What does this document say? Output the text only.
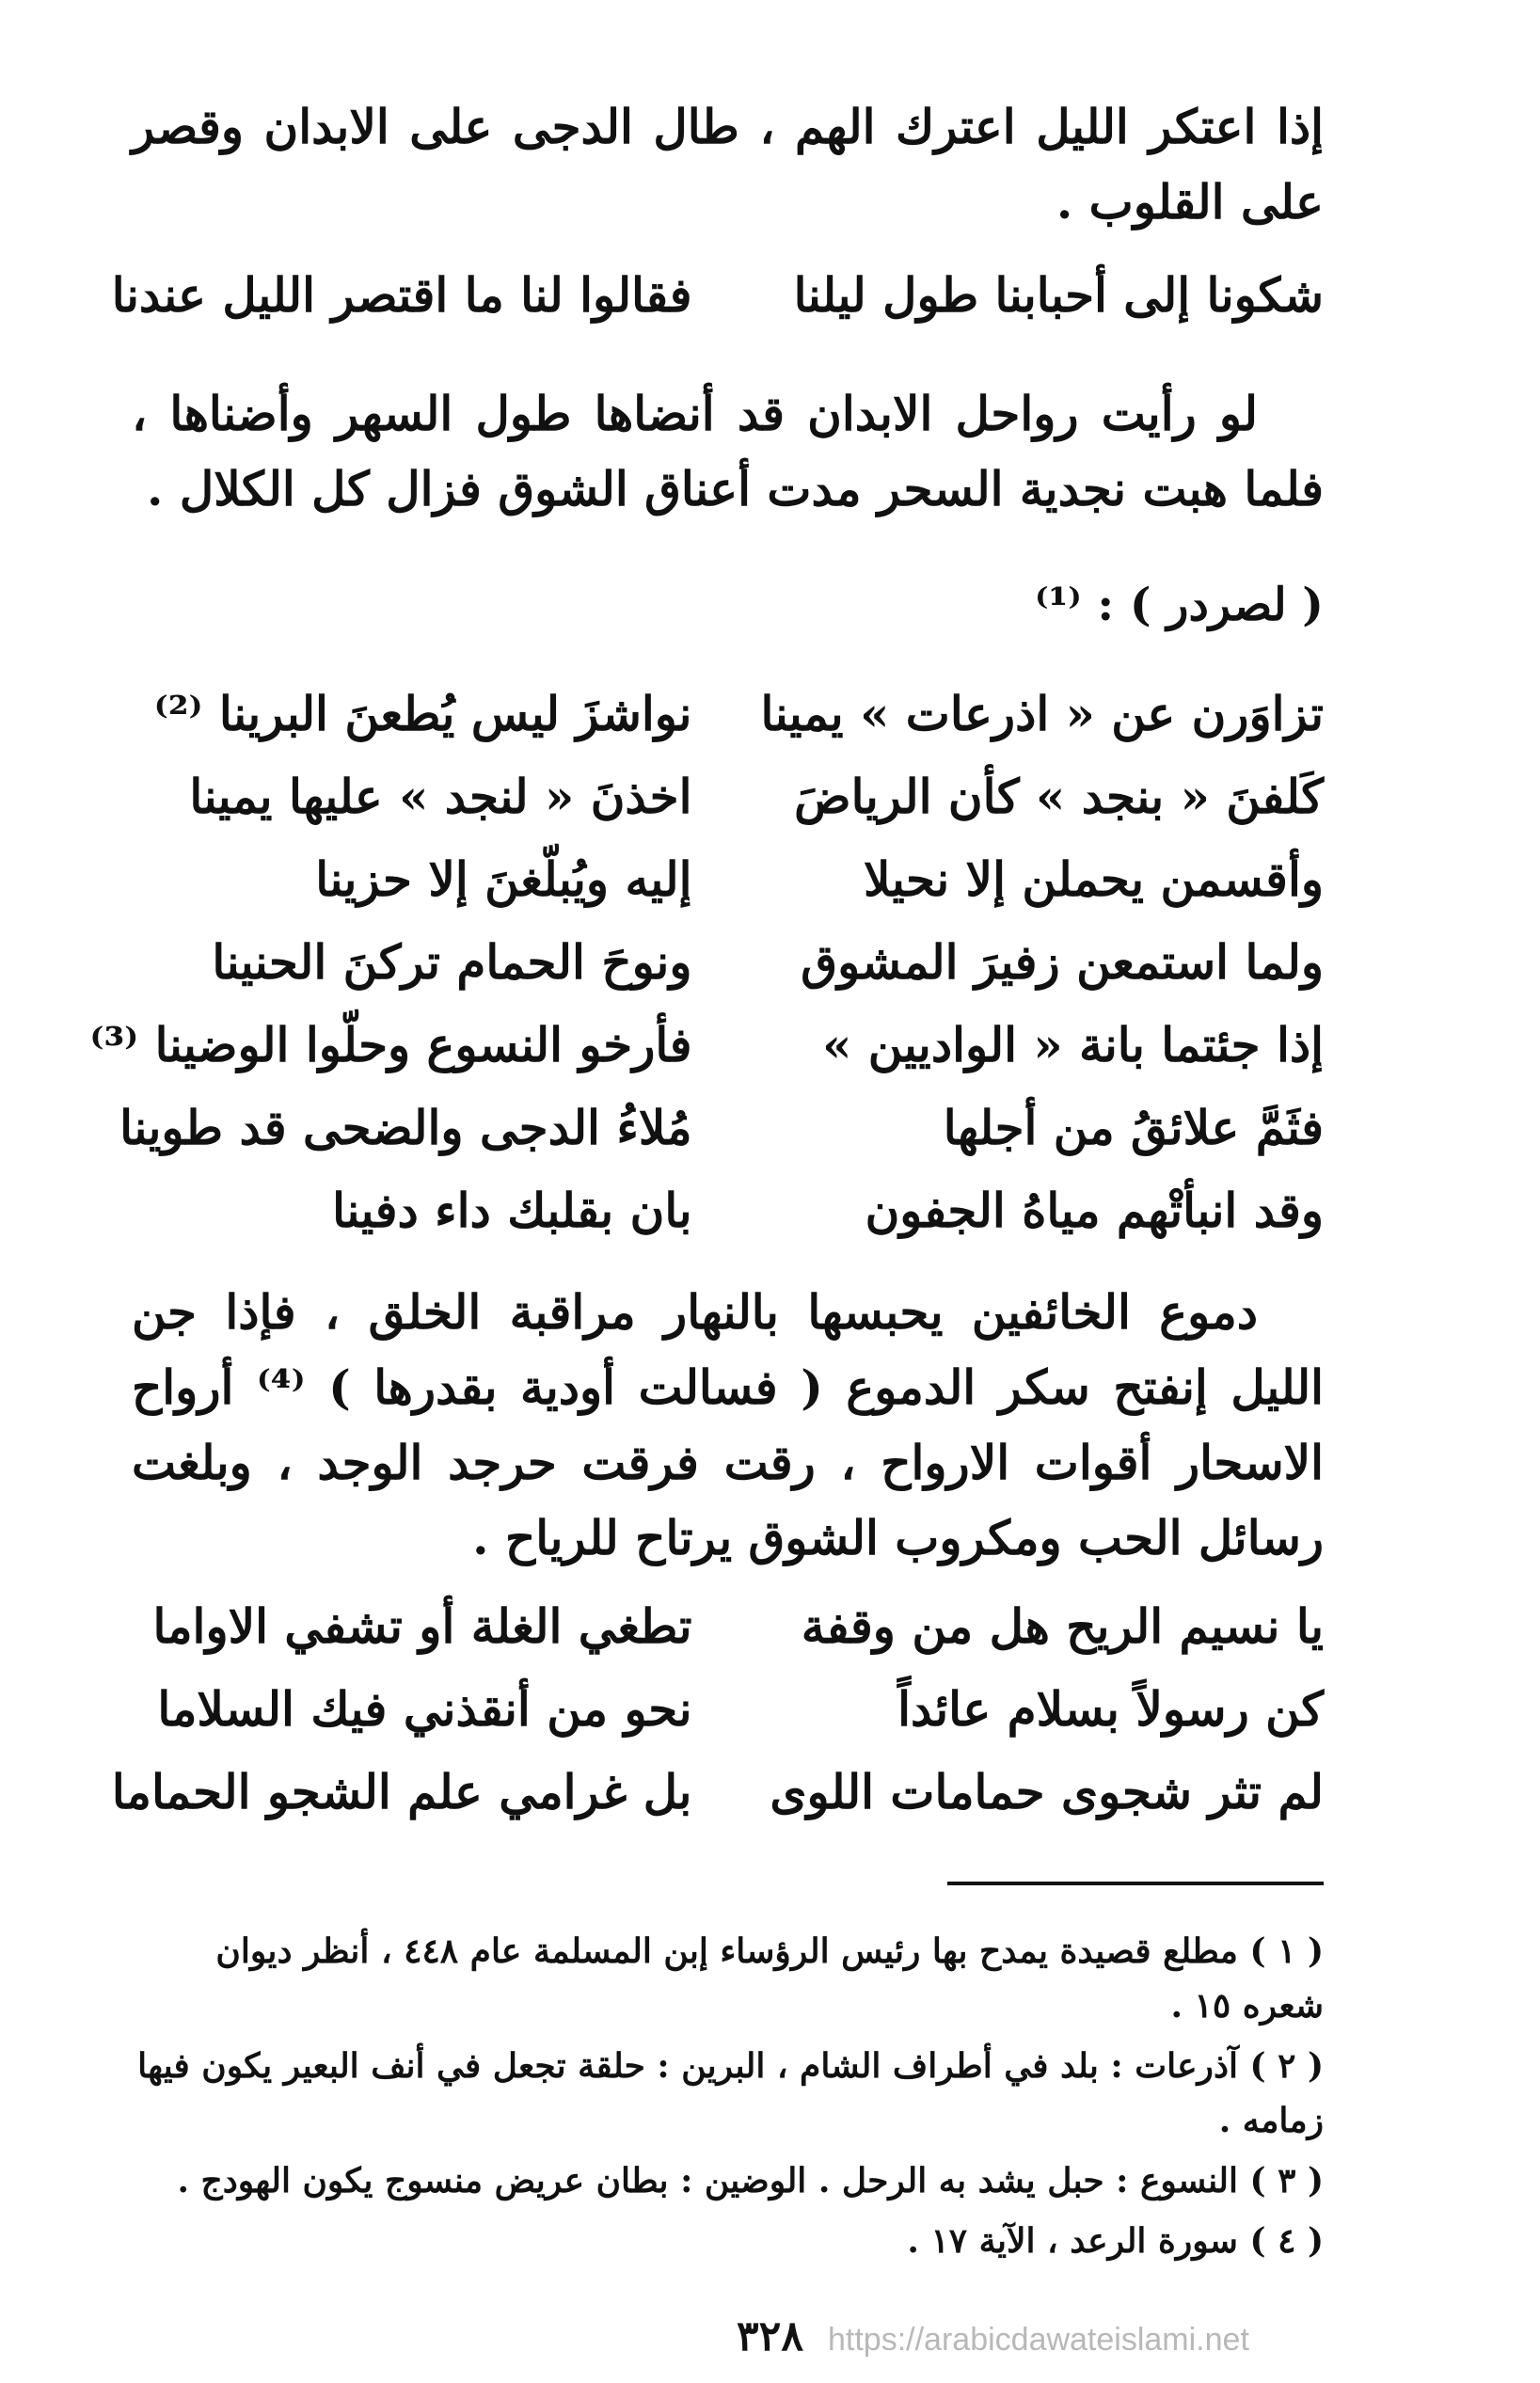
إذا اعتكر الليل اعترك الهم ، طال الدجى على الابدان وقصر على القلوب .
شكونا إلى أحبابنا طول ليلنا
فقالوا لنا ما اقتصر الليل عندنا
لو رأيت رواحل الابدان قد أنضاها طول السهر وأضناها ، فلما هبت نجدية السحر مدت أعناق الشوق فزال كل الكلال .
( لصردر ) : ⁽¹⁾
تزاوَرن عن « اذرعات » يمينا
نواشزَ ليس يُطعنَ البرينا ⁽²⁾
كَلفنَ « بنجد » كأن الرياضَ
اخذنَ « لنجد » عليها يمينا
وأقسمن يحملن إلا نحيلا
إليه ويُبلّغنَ إلا حزينا
ولما استمعن زفيرَ المشوق
ونوحَ الحمام تركنَ الحنينا
إذا جئتما بانة « الواديين »
فأرخو النسوع وحلّوا الوضينا ⁽³⁾
فثَمَّ علائقُ من أجلها
مُلاءُ الدجى والضحى قد طوينا
وقد انبأتْهم مياهُ الجفون
بان بقلبك داء دفينا
دموع الخائفين يحبسها بالنهار مراقبة الخلق ، فإذا جن الليل إنفتح سكر الدموع ( فسالت أودية بقدرها ) ⁽⁴⁾ أرواح الاسحار أقوات الارواح ، رقت فرقت حرجد الوجد ، وبلغت رسائل الحب ومكروب الشوق يرتاح للرياح .
يا نسيم الريح هل من وقفة
تطغي الغلة أو تشفي الاواما
كن رسولاً بسلام عائداً
نحو من أنقذني فيك السلاما
لم تثر شجوى حمامات اللوى
بل غرامي علم الشجو الحماما

( ١ ) مطلع قصيدة يمدح بها رئيس الرؤساء إبن المسلمة عام ٤٤٨ ، أنظر ديوان شعره ١٥ .

( ٢ ) آذرعات : بلد في أطراف الشام ، البرين : حلقة تجعل في أنف البعير يكون فيها زمامه .

( ٣ ) النسوع : حبل يشد به الرحل . الوضين : بطان عريض منسوج يكون الهودج .

( ٤ ) سورة الرعد ، الآية ١٧ .

٣٢٨ https://arabicdawateislami.net
